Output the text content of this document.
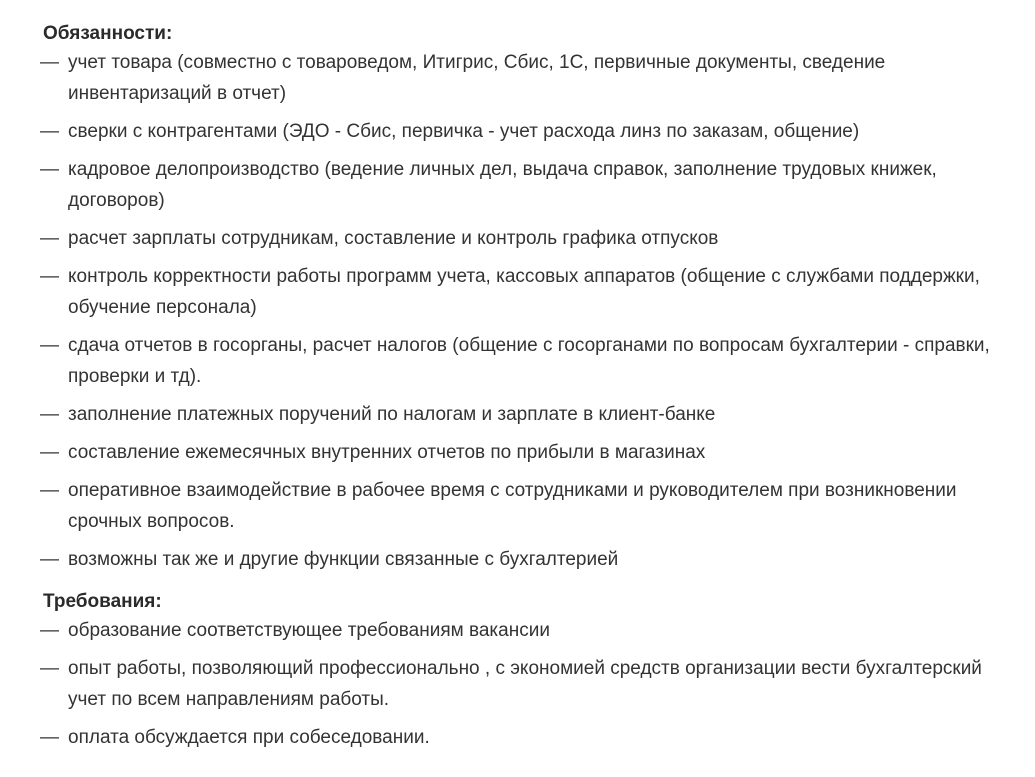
Обязанности:
— учет товара (совместно с товароведом, Итигрис, Сбис, 1С, первичные документы, сведение инвентаризаций в отчет)
— сверки с контрагентами (ЭДО - Сбис, первичка - учет расхода линз по заказам, общение)
— кадровое делопроизводство (ведение личных дел, выдача справок, заполнение трудовых книжек, договоров)
— расчет зарплаты сотрудникам, составление и контроль графика отпусков
— контроль корректности работы программ учета, кассовых аппаратов (общение с службами поддержки, обучение персонала)
— сдача отчетов в госорганы, расчет налогов (общение с госорганами по вопросам бухгалтерии - справки, проверки и тд).
— заполнение платежных поручений по налогам и зарплате в клиент-банке
— составление ежемесячных внутренних отчетов по прибыли в магазинах
— оперативное взаимодействие в рабочее время с сотрудниками и руководителем при возникновении срочных вопросов.
— возможны так же и другие функции связанные с бухгалтерией
Требования:
— образование соответствующее требованиям вакансии
— опыт работы, позволяющий профессионально , с экономией средств организации вести бухгалтерский учет по всем направлениям работы.
— оплата обсуждается при собеседовании.
